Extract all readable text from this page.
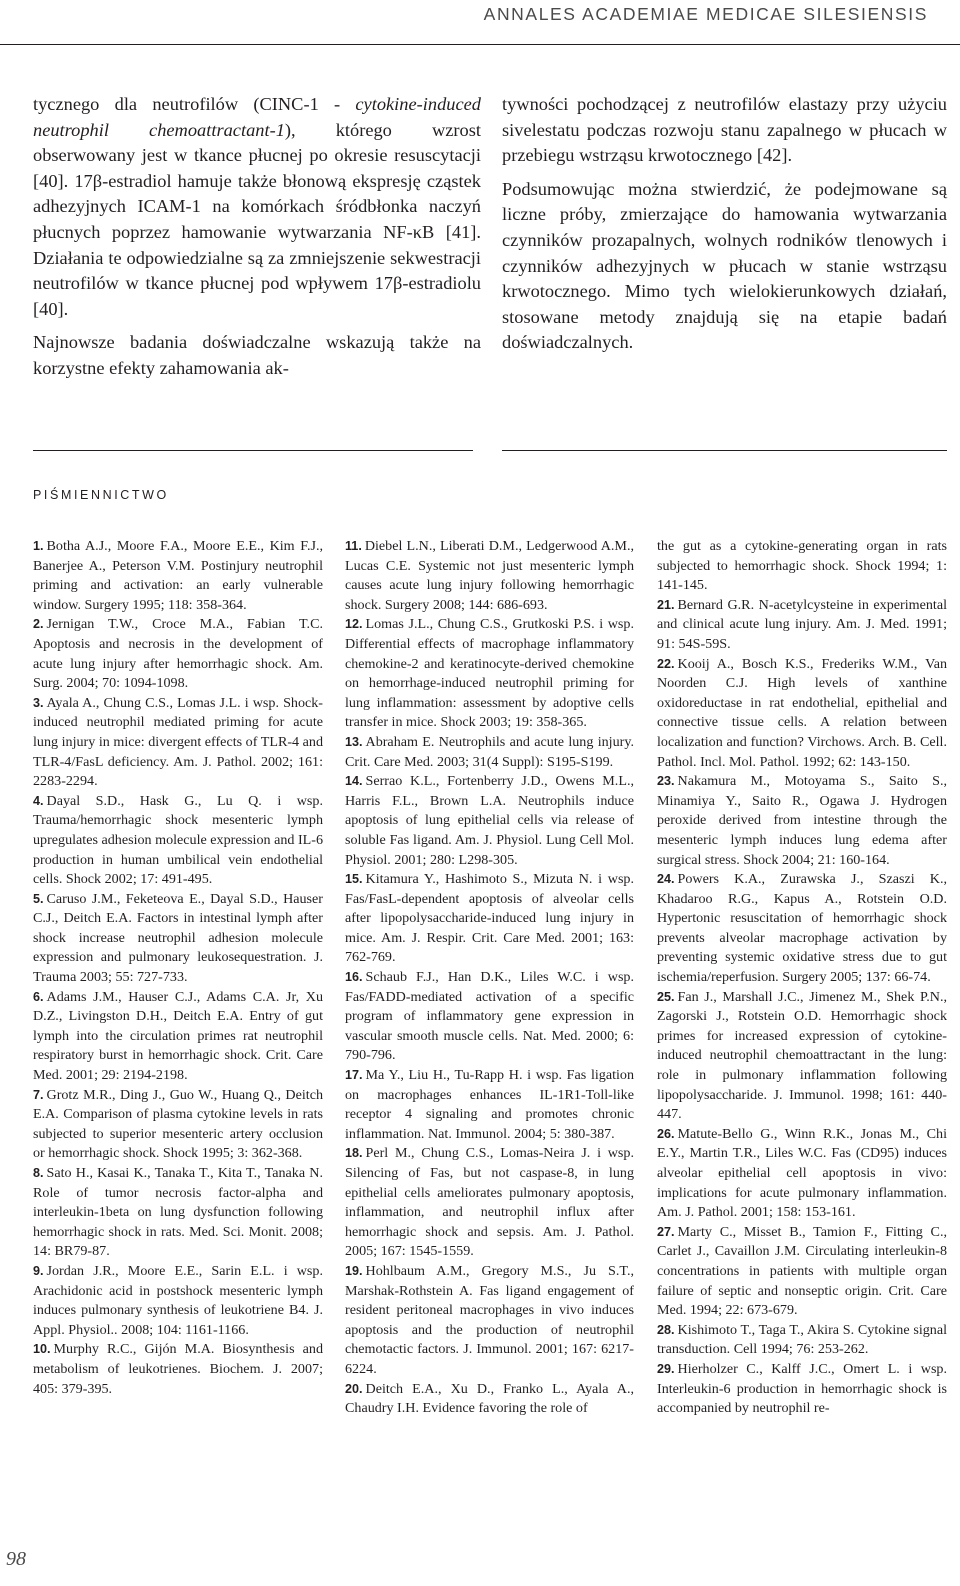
ANNALES ACADEMIAE MEDICAE SILESIENSIS

tycznego dla neutrofilów (CINC-1 - cytokine-induced neutrophil chemoattractant-1), którego wzrost obserwowany jest w tkance płucnej po okresie resuscytacji [40]. 17β-estradiol hamuje także błonową ekspresję cząstek adhezyjnych ICAM-1 na komórkach śródbłonka naczyń płucnych poprzez hamowanie wytwarzania NF-κB [41]. Działania te odpowiedzialne są za zmniejszenie sekwestracji neutrofilów w tkance płucnej pod wpływem 17β-estradiolu [40].

Najnowsze badania doświadczalne wskazują także na korzystne efekty zahamowania ak-

tywności pochodzącej z neutrofilów elastazy przy użyciu sivelestatu podczas rozwoju stanu zapalnego w płucach w przebiegu wstrząsu krwotocznego [42].

Podsumowując można stwierdzić, że podejmowane są liczne próby, zmierzające do hamowania wytwarzania czynników prozapalnych, wolnych rodników tlenowych i czynników adhezyjnych w płucach w stanie wstrząsu krwotocznego. Mimo tych wielokierunkowych działań, stosowane metody znajdują się na etapie badań doświadczalnych.

PIŚMIENNICTWO

1. Botha A.J., Moore F.A., Moore E.E., Kim F.J., Banerjee A., Peterson V.M. Postinjury neutrophil priming and activation: an early vulnerable window. Surgery 1995; 118: 358-364.

2. Jernigan T.W., Croce M.A., Fabian T.C. Apoptosis and necrosis in the development of acute lung injury after hemorrhagic shock. Am. Surg. 2004; 70: 1094-1098.

3. Ayala A., Chung C.S., Lomas J.L. i wsp. Shock-induced neutrophil mediated priming for acute lung injury in mice: divergent effects of TLR-4 and TLR-4/FasL deficiency. Am. J. Pathol. 2002; 161: 2283-2294.

4. Dayal S.D., Hask G., Lu Q. i wsp. Trauma/hemorrhagic shock mesenteric lymph upregulates adhesion molecule expression and IL-6 production in human umbilical vein endothelial cells. Shock 2002; 17: 491-495.

5. Caruso J.M., Feketeova E., Dayal S.D., Hauser C.J., Deitch E.A. Factors in intestinal lymph after shock increase neutrophil adhesion molecule expression and pulmonary leukosequestration. J. Trauma 2003; 55: 727-733.

6. Adams J.M., Hauser C.J., Adams C.A. Jr, Xu D.Z., Livingston D.H., Deitch E.A. Entry of gut lymph into the circulation primes rat neutrophil respiratory burst in hemorrhagic shock. Crit. Care Med. 2001; 29: 2194-2198.

7. Grotz M.R., Ding J., Guo W., Huang Q., Deitch E.A. Comparison of plasma cytokine levels in rats subjected to superior mesenteric artery occlusion or hemorrhagic shock. Shock 1995; 3: 362-368.

8. Sato H., Kasai K., Tanaka T., Kita T., Tanaka N. Role of tumor necrosis factor-alpha and interleukin-1beta on lung dysfunction following hemorrhagic shock in rats. Med. Sci. Monit. 2008; 14: BR79-87.

9. Jordan J.R., Moore E.E., Sarin E.L. i wsp. Arachidonic acid in postshock mesenteric lymph induces pulmonary synthesis of leukotriene B4. J. Appl. Physiol.. 2008; 104: 1161-1166.

10. Murphy R.C., Gijón M.A. Biosynthesis and metabolism of leukotrienes. Biochem. J. 2007; 405: 379-395.

11. Diebel L.N., Liberati D.M., Ledgerwood A.M., Lucas C.E. Systemic not just mesenteric lymph causes acute lung injury following hemorrhagic shock. Surgery 2008; 144: 686-693.

12. Lomas J.L., Chung C.S., Grutkoski P.S. i wsp. Differential effects of macrophage inflammatory chemokine-2 and keratinocyte-derived chemokine on hemorrhage-induced neutrophil priming for lung inflammation: assessment by adoptive cells transfer in mice. Shock 2003; 19: 358-365.

13. Abraham E. Neutrophils and acute lung injury. Crit. Care Med. 2003; 31(4 Suppl): S195-S199.

14. Serrao K.L., Fortenberry J.D., Owens M.L., Harris F.L., Brown L.A. Neutrophils induce apoptosis of lung epithelial cells via release of soluble Fas ligand. Am. J. Physiol. Lung Cell Mol. Physiol. 2001; 280: L298-305.

15. Kitamura Y., Hashimoto S., Mizuta N. i wsp. Fas/FasL-dependent apoptosis of alveolar cells after lipopolysaccharide-induced lung injury in mice. Am. J. Respir. Crit. Care Med. 2001; 163: 762-769.

16. Schaub F.J., Han D.K., Liles W.C. i wsp. Fas/FADD-mediated activation of a specific program of inflammatory gene expression in vascular smooth muscle cells. Nat. Med. 2000; 6: 790-796.

17. Ma Y., Liu H., Tu-Rapp H. i wsp. Fas ligation on macrophages enhances IL-1R1-Toll-like receptor 4 signaling and promotes chronic inflammation. Nat. Immunol. 2004; 5: 380-387.

18. Perl M., Chung C.S., Lomas-Neira J. i wsp. Silencing of Fas, but not caspase-8, in lung epithelial cells ameliorates pulmonary apoptosis, inflammation, and neutrophil influx after hemorrhagic shock and sepsis. Am. J. Pathol. 2005; 167: 1545-1559.

19. Hohlbaum A.M., Gregory M.S., Ju S.T., Marshak-Rothstein A. Fas ligand engagement of resident peritoneal macrophages in vivo induces apoptosis and the production of neutrophil chemotactic factors. J. Immunol. 2001; 167: 6217-6224.

20. Deitch E.A., Xu D., Franko L., Ayala A., Chaudry I.H. Evidence favoring the role of

the gut as a cytokine-generating organ in rats subjected to hemorrhagic shock. Shock 1994; 1: 141-145.

21. Bernard G.R. N-acetylcysteine in experimental and clinical acute lung injury. Am. J. Med. 1991; 91: 54S-59S.

22. Kooij A., Bosch K.S., Frederiks W.M., Van Noorden C.J. High levels of xanthine oxidoreductase in rat endothelial, epithelial and connective tissue cells. A relation between localization and function? Virchows. Arch. B. Cell. Pathol. Incl. Mol. Pathol. 1992; 62: 143-150.

23. Nakamura M., Motoyama S., Saito S., Minamiya Y., Saito R., Ogawa J. Hydrogen peroxide derived from intestine through the mesenteric lymph induces lung edema after surgical stress. Shock 2004; 21: 160-164.

24. Powers K.A., Zurawska J., Szaszi K., Khadaroo R.G., Kapus A., Rotstein O.D. Hypertonic resuscitation of hemorrhagic shock prevents alveolar macrophage activation by preventing systemic oxidative stress due to gut ischemia/reperfusion. Surgery 2005; 137: 66-74.

25. Fan J., Marshall J.C., Jimenez M., Shek P.N., Zagorski J., Rotstein O.D. Hemorrhagic shock primes for increased expression of cytokine-induced neutrophil chemoattractant in the lung: role in pulmonary inflammation following lipopolysaccharide. J. Immunol. 1998; 161: 440-447.

26. Matute-Bello G., Winn R.K., Jonas M., Chi E.Y., Martin T.R., Liles W.C. Fas (CD95) induces alveolar epithelial cell apoptosis in vivo: implications for acute pulmonary inflammation. Am. J. Pathol. 2001; 158: 153-161.

27. Marty C., Misset B., Tamion F., Fitting C., Carlet J., Cavaillon J.M. Circulating interleukin-8 concentrations in patients with multiple organ failure of septic and nonseptic origin. Crit. Care Med. 1994; 22: 673-679.

28. Kishimoto T., Taga T., Akira S. Cytokine signal transduction. Cell 1994; 76: 253-262.

29. Hierholzer C., Kalff J.C., Omert L. i wsp. Interleukin-6 production in hemorrhagic shock is accompanied by neutrophil re-

98
